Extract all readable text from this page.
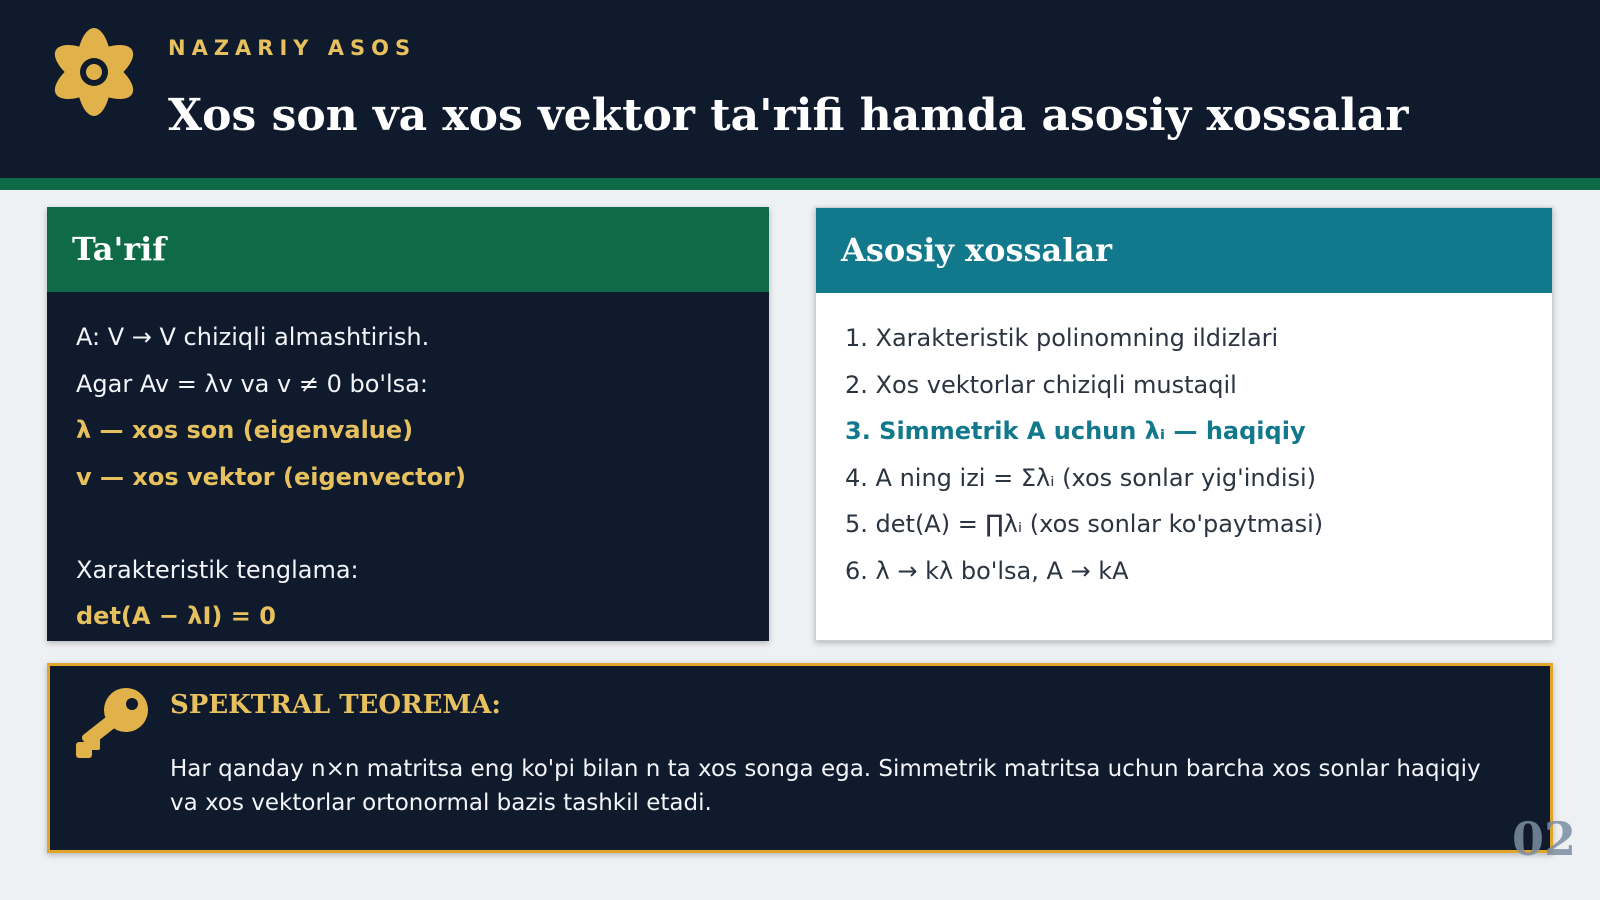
NAZARIY ASOS
Xos son va xos vektor ta'rifi hamda asosiy xossalar
Ta'rif
A: V → V chiziqli almashtirish.
Agar Av = λv va v ≠ 0 bo'lsa:
λ — xos son (eigenvalue)
v — xos vektor (eigenvector)
Xarakteristik tenglama:
det(A − λI) = 0
Asosiy xossalar
1. Xarakteristik polinomning ildizlari
2. Xos vektorlar chiziqli mustaqil
3. Simmetrik A uchun λᵢ — haqiqiy
4. A ning izi = Σλᵢ (xos sonlar yig'indisi)
5. det(A) = ∏λᵢ (xos sonlar ko'paytmasi)
6. λ → kλ bo'lsa, A → kA
SPEKTRAL TEOREMA:
Har qanday n×n matritsa eng ko'pi bilan n ta xos songa ega. Simmetrik matritsa uchun barcha xos sonlar haqiqiy va xos vektorlar ortonormal bazis tashkil etadi.
02
